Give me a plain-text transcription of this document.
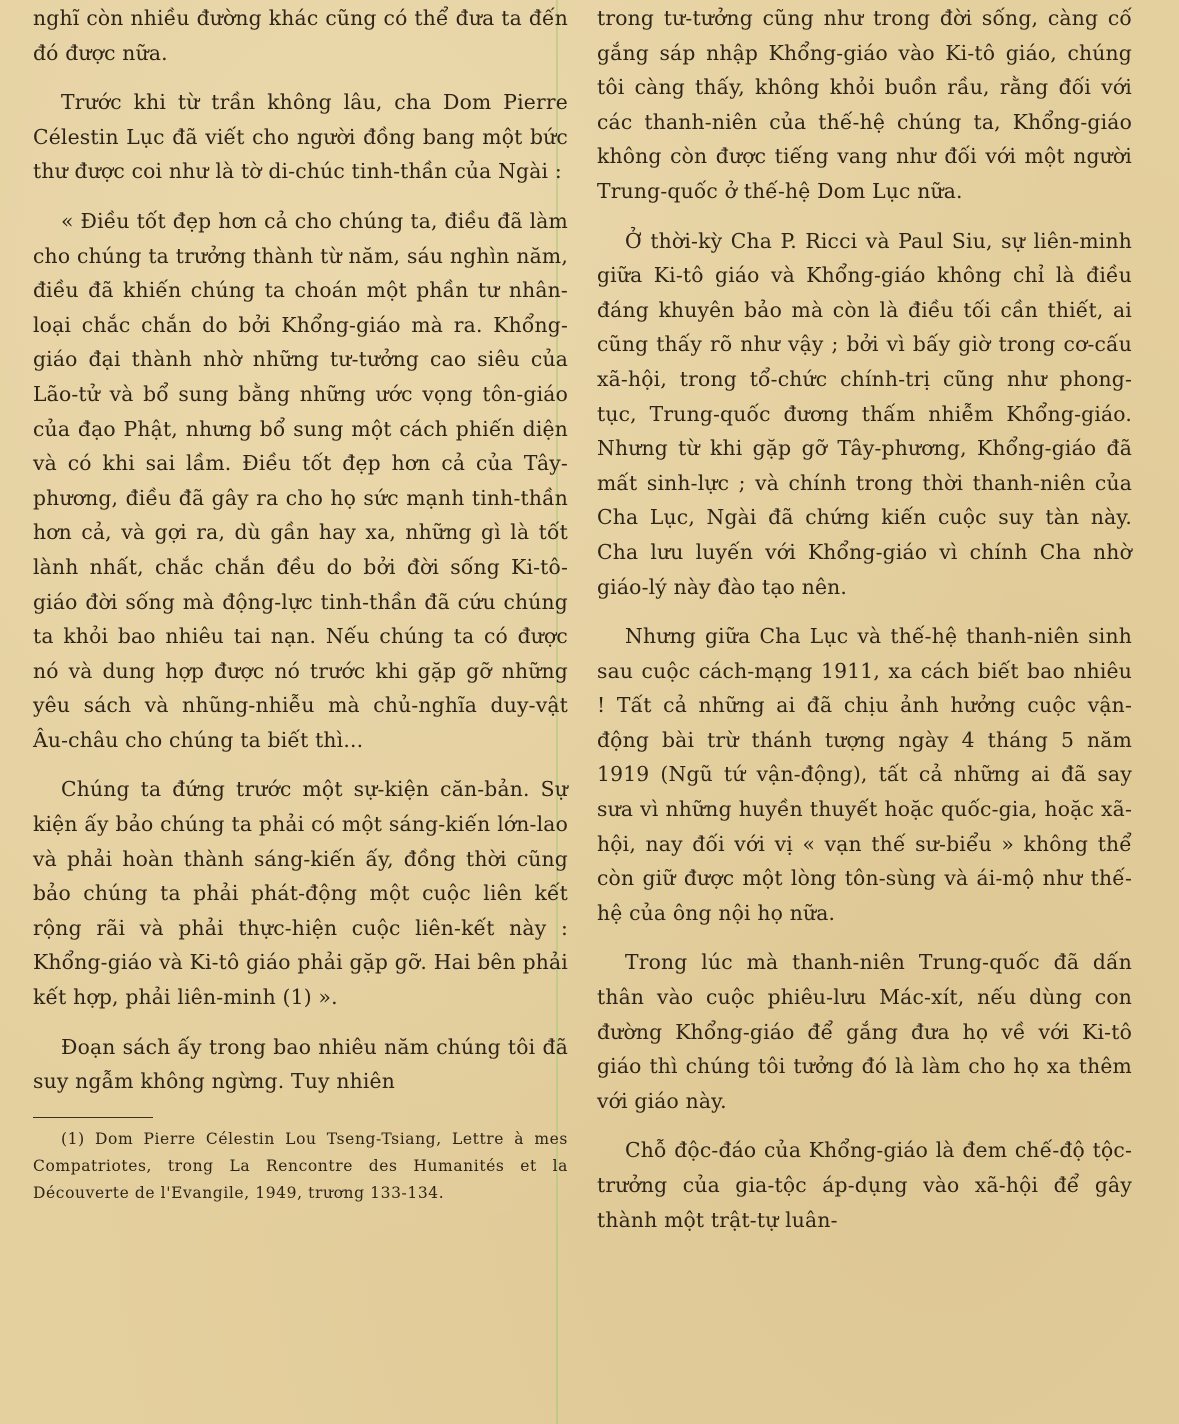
nghĩ còn nhiều đường khác cũng có thể đưa ta đến đó được nữa.

Trước khi từ trần không lâu, cha Dom Pierre Célestin Lục đã viết cho người đồng bang một bức thư được coi như là tờ di-chúc tinh-thần của Ngài :

« Điều tốt đẹp hơn cả cho chúng ta, điều đã làm cho chúng ta trưởng thành từ năm, sáu nghìn năm, điều đã khiến chúng ta choán một phần tư nhân-loại chắc chắn do bởi Khổng-giáo mà ra. Khổng-giáo đại thành nhờ những tư-tưởng cao siêu của Lão-tử và bổ sung bằng những ước vọng tôn-giáo của đạo Phật, nhưng bổ sung một cách phiến diện và có khi sai lầm. Điều tốt đẹp hơn cả của Tây-phương, điều đã gây ra cho họ sức mạnh tinh-thần hơn cả, và gợi ra, dù gần hay xa, những gì là tốt lành nhất, chắc chắn đều do bởi đời sống Ki-tô-giáo đời sống mà động-lực tinh-thần đã cứu chúng ta khỏi bao nhiêu tai nạn. Nếu chúng ta có được nó và dung hợp được nó trước khi gặp gỡ những yêu sách và nhũng-nhiễu mà chủ-nghĩa duy-vật Âu-châu cho chúng ta biết thì...

Chúng ta đứng trước một sự-kiện căn-bản. Sự kiện ấy bảo chúng ta phải có một sáng-kiến lớn-lao và phải hoàn thành sáng-kiến ấy, đồng thời cũng bảo chúng ta phải phát-động một cuộc liên kết rộng rãi và phải thực-hiện cuộc liên-kết này : Khổng-giáo và Ki-tô giáo phải gặp gỡ. Hai bên phải kết hợp, phải liên-minh (1) ».

Đoạn sách ấy trong bao nhiêu năm chúng tôi đã suy ngẫm không ngừng. Tuy nhiên

(1) Dom Pierre Célestin Lou Tseng-Tsiang, Lettre à mes Compatriotes, trong La Rencontre des Humanités et la Découverte de l'Evangile, 1949, trương 133-134.

trong tư-tưởng cũng như trong đời sống, càng cố gắng sáp nhập Khổng-giáo vào Ki-tô giáo, chúng tôi càng thấy, không khỏi buồn rầu, rằng đối với các thanh-niên của thế-hệ chúng ta, Khổng-giáo không còn được tiếng vang như đối với một người Trung-quốc ở thế-hệ Dom Lục nữa.

Ở thời-kỳ Cha P. Ricci và Paul Siu, sự liên-minh giữa Ki-tô giáo và Khổng-giáo không chỉ là điều đáng khuyên bảo mà còn là điều tối cần thiết, ai cũng thấy rõ như vậy ; bởi vì bấy giờ trong cơ-cấu xã-hội, trong tổ-chức chính-trị cũng như phong-tục, Trung-quốc đương thấm nhiễm Khổng-giáo. Nhưng từ khi gặp gỡ Tây-phương, Khổng-giáo đã mất sinh-lực ; và chính trong thời thanh-niên của Cha Lục, Ngài đã chứng kiến cuộc suy tàn này. Cha lưu luyến với Khổng-giáo vì chính Cha nhờ giáo-lý này đào tạo nên.

Nhưng giữa Cha Lục và thế-hệ thanh-niên sinh sau cuộc cách-mạng 1911, xa cách biết bao nhiêu ! Tất cả những ai đã chịu ảnh hưởng cuộc vận-động bài trừ thánh tượng ngày 4 tháng 5 năm 1919 (Ngũ tứ vận-động), tất cả những ai đã say sưa vì những huyền thuyết hoặc quốc-gia, hoặc xã-hội, nay đối với vị « vạn thế sư-biểu » không thể còn giữ được một lòng tôn-sùng và ái-mộ như thế-hệ của ông nội họ nữa.

Trong lúc mà thanh-niên Trung-quốc đã dấn thân vào cuộc phiêu-lưu Mác-xít, nếu dùng con đường Khổng-giáo để gắng đưa họ về với Ki-tô giáo thì chúng tôi tưởng đó là làm cho họ xa thêm với giáo này.

Chỗ độc-đáo của Khổng-giáo là đem chế-độ tộc-trưởng của gia-tộc áp-dụng vào xã-hội để gây thành một trật-tự luân-
